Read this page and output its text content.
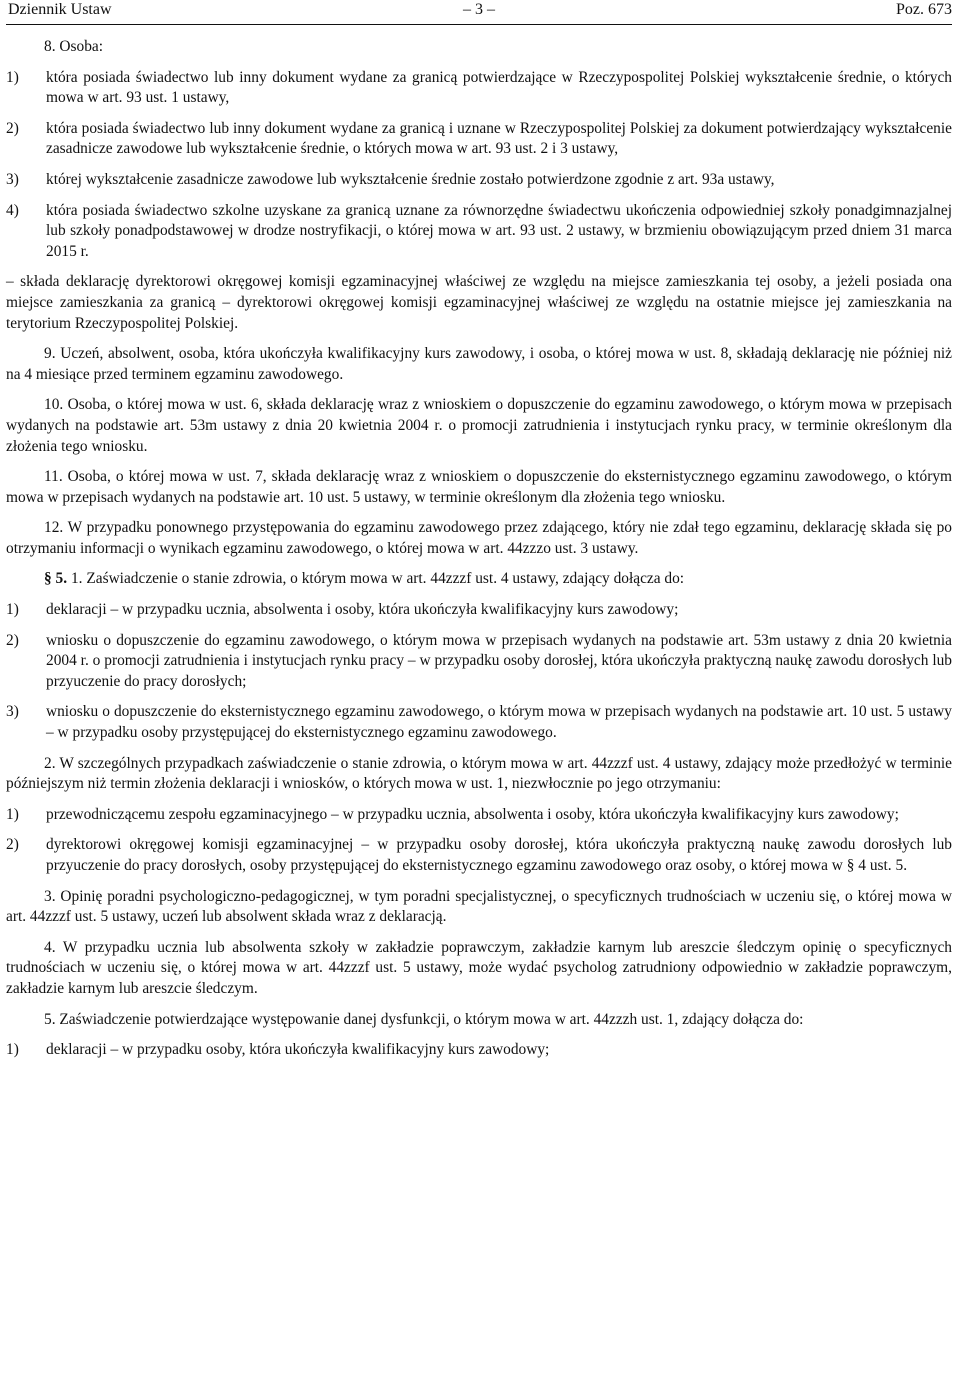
Dziennik Ustaw	– 3 –	Poz. 673

8. Osoba:

1)	która posiada świadectwo lub inny dokument wydane za granicą potwierdzające w Rzeczypospolitej Polskiej wykształcenie średnie, o których mowa w art. 93 ust. 1 ustawy,
2)	która posiada świadectwo lub inny dokument wydane za granicą i uznane w Rzeczypospolitej Polskiej za dokument potwierdzający wykształcenie zasadnicze zawodowe lub wykształcenie średnie, o których mowa w art. 93 ust. 2 i 3 ustawy,
3)	której wykształcenie zasadnicze zawodowe lub wykształcenie średnie zostało potwierdzone zgodnie z art. 93a ustawy,
4)	która posiada świadectwo szkolne uzyskane za granicą uznane za równorzędne świadectwu ukończenia odpowiedniej szkoły ponadgimnazjalnej lub szkoły ponadpodstawowej w drodze nostryfikacji, o której mowa w art. 93 ust. 2 ustawy, w brzmieniu obowiązującym przed dniem 31 marca 2015 r.

– składa deklarację dyrektorowi okręgowej komisji egzaminacyjnej właściwej ze względu na miejsce zamieszkania tej osoby, a jeżeli posiada ona miejsce zamieszkania za granicą – dyrektorowi okręgowej komisji egzaminacyjnej właściwej ze względu na ostatnie miejsce jej zamieszkania na terytorium Rzeczypospolitej Polskiej.

9. Uczeń, absolwent, osoba, która ukończyła kwalifikacyjny kurs zawodowy, i osoba, o której mowa w ust. 8, składają deklarację nie później niż na 4 miesiące przed terminem egzaminu zawodowego.

10. Osoba, o której mowa w ust. 6, składa deklarację wraz z wnioskiem o dopuszczenie do egzaminu zawodowego, o którym mowa w przepisach wydanych na podstawie art. 53m ustawy z dnia 20 kwietnia 2004 r. o promocji zatrudnienia i instytucjach rynku pracy, w terminie określonym dla złożenia tego wniosku.

11. Osoba, o której mowa w ust. 7, składa deklarację wraz z wnioskiem o dopuszczenie do eksternistycznego egzaminu zawodowego, o którym mowa w przepisach wydanych na podstawie art. 10 ust. 5 ustawy, w terminie określonym dla złożenia tego wniosku.

12. W przypadku ponownego przystępowania do egzaminu zawodowego przez zdającego, który nie zdał tego egzaminu, deklarację składa się po otrzymaniu informacji o wynikach egzaminu zawodowego, o której mowa w art. 44zzzo ust. 3 ustawy.

§ 5. 1. Zaświadczenie o stanie zdrowia, o którym mowa w art. 44zzzf ust. 4 ustawy, zdający dołącza do:

1)	deklaracji – w przypadku ucznia, absolwenta i osoby, która ukończyła kwalifikacyjny kurs zawodowy;
2)	wniosku o dopuszczenie do egzaminu zawodowego, o którym mowa w przepisach wydanych na podstawie art. 53m ustawy z dnia 20 kwietnia 2004 r. o promocji zatrudnienia i instytucjach rynku pracy – w przypadku osoby dorosłej, która ukończyła praktyczną naukę zawodu dorosłych lub przyuczenie do pracy dorosłych;
3)	wniosku o dopuszczenie do eksternistycznego egzaminu zawodowego, o którym mowa w przepisach wydanych na podstawie art. 10 ust. 5 ustawy – w przypadku osoby przystępującej do eksternistycznego egzaminu zawodowego.

2. W szczególnych przypadkach zaświadczenie o stanie zdrowia, o którym mowa w art. 44zzzf ust. 4 ustawy, zdający może przedłożyć w terminie późniejszym niż termin złożenia deklaracji i wniosków, o których mowa w ust. 1, niezwłocznie po jego otrzymaniu:

1)	przewodniczącemu zespołu egzaminacyjnego – w przypadku ucznia, absolwenta i osoby, która ukończyła kwalifikacyjny kurs zawodowy;
2)	dyrektorowi okręgowej komisji egzaminacyjnej – w przypadku osoby dorosłej, która ukończyła praktyczną naukę zawodu dorosłych lub przyuczenie do pracy dorosłych, osoby przystępującej do eksternistycznego egzaminu zawodowego oraz osoby, o której mowa w § 4 ust. 5.

3. Opinię poradni psychologiczno-pedagogicznej, w tym poradni specjalistycznej, o specyficznych trudnościach w uczeniu się, o której mowa w art. 44zzzf ust. 5 ustawy, uczeń lub absolwent składa wraz z deklaracją.

4. W przypadku ucznia lub absolwenta szkoły w zakładzie poprawczym, zakładzie karnym lub areszcie śledczym opinię o specyficznych trudnościach w uczeniu się, o której mowa w art. 44zzzf ust. 5 ustawy, może wydać psycholog zatrudniony odpowiednio w zakładzie poprawczym, zakładzie karnym lub areszcie śledczym.

5. Zaświadczenie potwierdzające występowanie danej dysfunkcji, o którym mowa w art. 44zzzh ust. 1, zdający dołącza do:

1)	deklaracji – w przypadku osoby, która ukończyła kwalifikacyjny kurs zawodowy;
